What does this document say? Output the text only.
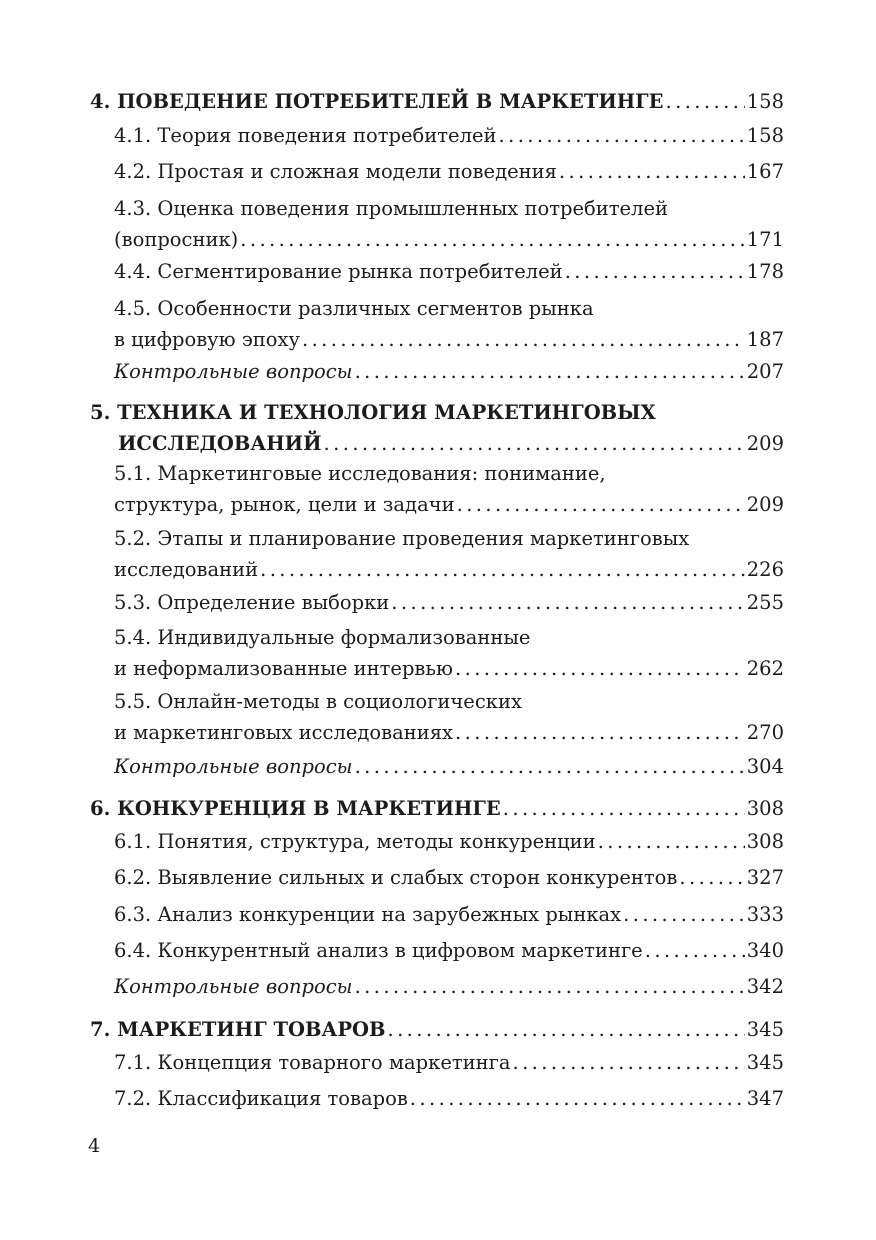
4. ПОВЕДЕНИЕ ПОТРЕБИТЕЛЕЙ В МАРКЕТИНГЕ .....	158
4.1. Теория поведения потребителей .....	158
4.2. Простая и сложная модели поведения .....	167
4.3. Оценка поведения промышленных потребителей
(вопросник) .....	171
4.4. Сегментирование рынка потребителей .....	178
4.5. Особенности различных сегментов рынка
в цифровую эпоху .....	187
Контрольные вопросы .....	207
5. ТЕХНИКА И ТЕХНОЛОГИЯ МАРКЕТИНГОВЫХ
ИССЛЕДОВАНИЙ .....	209
5.1. Маркетинговые исследования: понимание,
структура, рынок, цели и задачи .....	209
5.2. Этапы и планирование проведения маркетинговых
исследований .....	226
5.3. Определение выборки .....	255
5.4. Индивидуальные формализованные
и неформализованные интервью .....	262
5.5. Онлайн-методы в социологических
и маркетинговых исследованиях .....	270
Контрольные вопросы .....	304
6. КОНКУРЕНЦИЯ В МАРКЕТИНГЕ .....	308
6.1. Понятия, структура, методы конкуренции .....	308
6.2. Выявление сильных и слабых сторон конкурентов .....	327
6.3. Анализ конкуренции на зарубежных рынках .....	333
6.4. Конкурентный анализ в цифровом маркетинге .....	340
Контрольные вопросы .....	342
7. МАРКЕТИНГ ТОВАРОВ .....	345
7.1. Концепция товарного маркетинга .....	345
7.2. Классификация товаров .....	347
4
